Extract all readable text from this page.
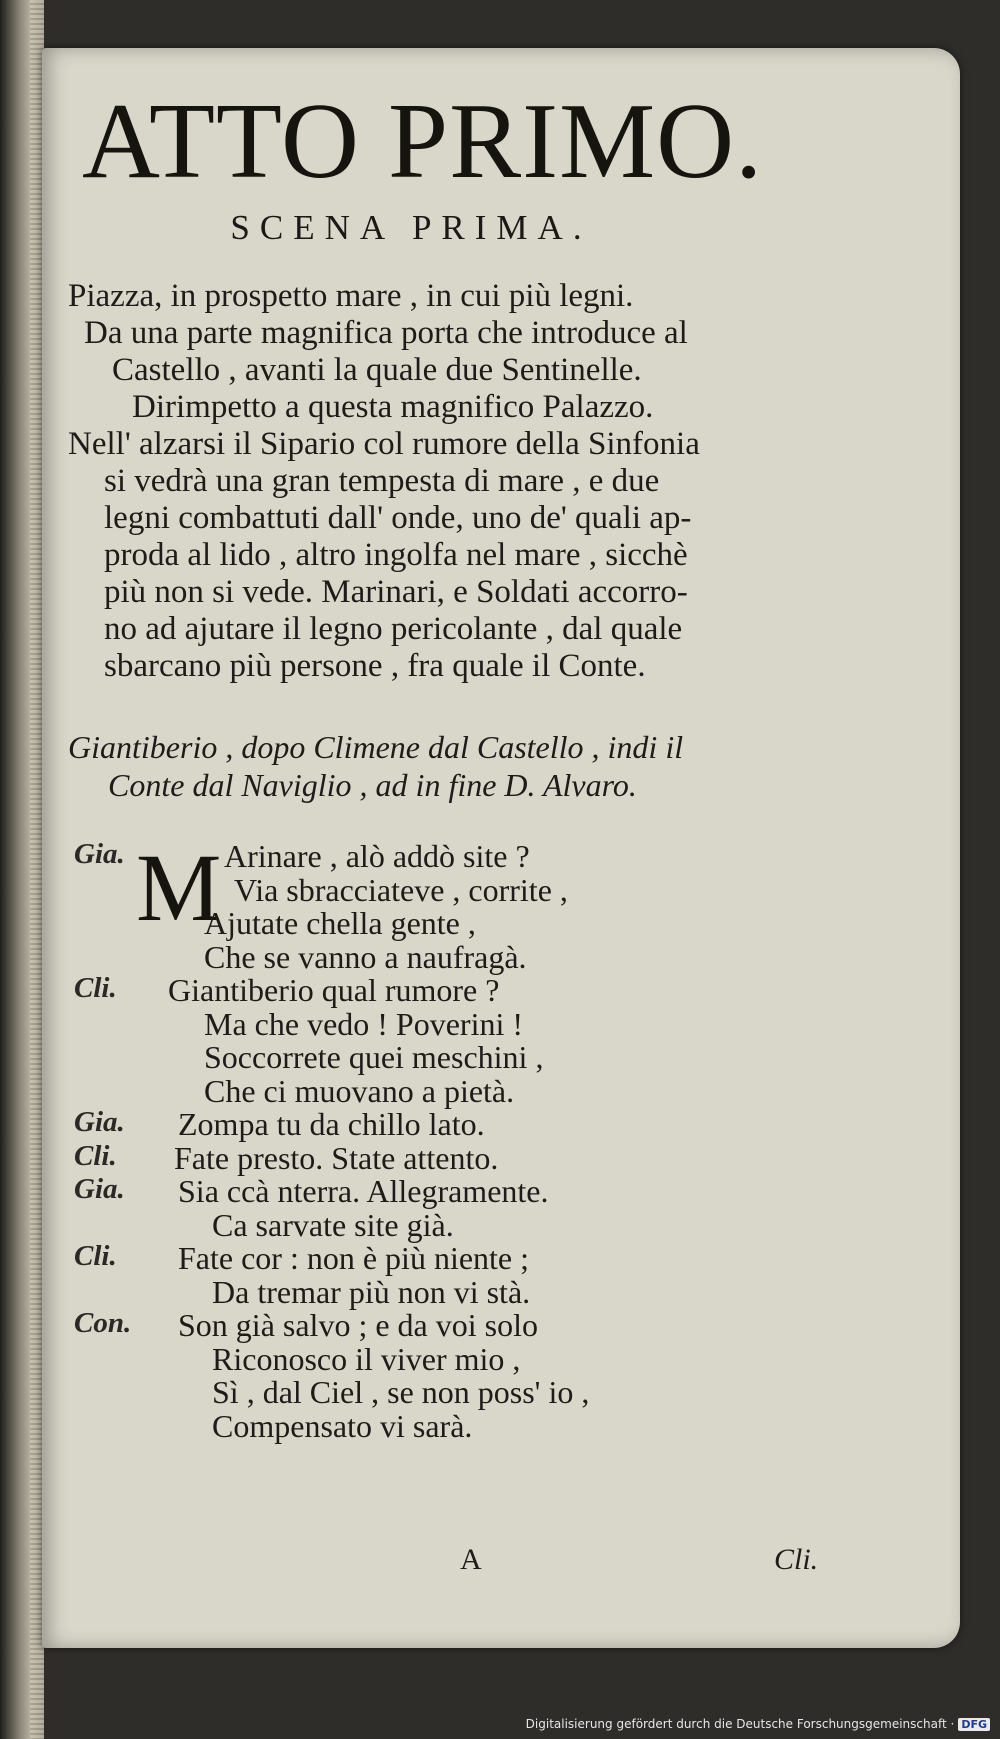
ATTO PRIMO.
SCENA PRIMA.
Piazza, in prospetto mare , in cui più legni.
Da una parte magnifica porta che introduce al
Castello , avanti la quale due Sentinelle.
Dirimpetto a questa magnifico Palazzo.
Nell' alzarsi il Sipario col rumore della Sinfonia
si vedrà una gran tempesta di mare , e due
legni combattuti dall' onde, uno de' quali ap-
proda al lido , altro ingolfa nel mare , sicchè
più non si vede. Marinari, e Soldati accorro-
no ad ajutare il legno pericolante , dal quale
sbarcano più persone , fra quale il Conte.
Giantiberio , dopo Climene dal Castello , indi il
Conte dal Naviglio , ad in fine D. Alvaro.
M
Gia.	Arinare , alò addò site ?
Via sbracciateve , corrite ,
Ajutate chella gente ,
Che se vanno a naufragà.
Cli. Giantiberio qual rumore ?
Ma che vedo ! Poverini !
Soccorrete quei meschini ,
Che ci muovano a pietà.
Gia. Zompa tu da chillo lato.
Cli. Fate presto. State attento.
Gia. Sia ccà nterra. Allegramente.
Ca sarvate site già.
Cli. Fate cor : non è più niente ;
Da tremar più non vi stà.
Con. Son già salvo ; e da voi solo
Riconosco il viver mio ,
Sì , dal Ciel , se non poss' io ,
Compensato vi sarà.
A	Cli.
Digitalisierung gefördert durch die Deutsche Forschungsgemeinschaft · DFG
